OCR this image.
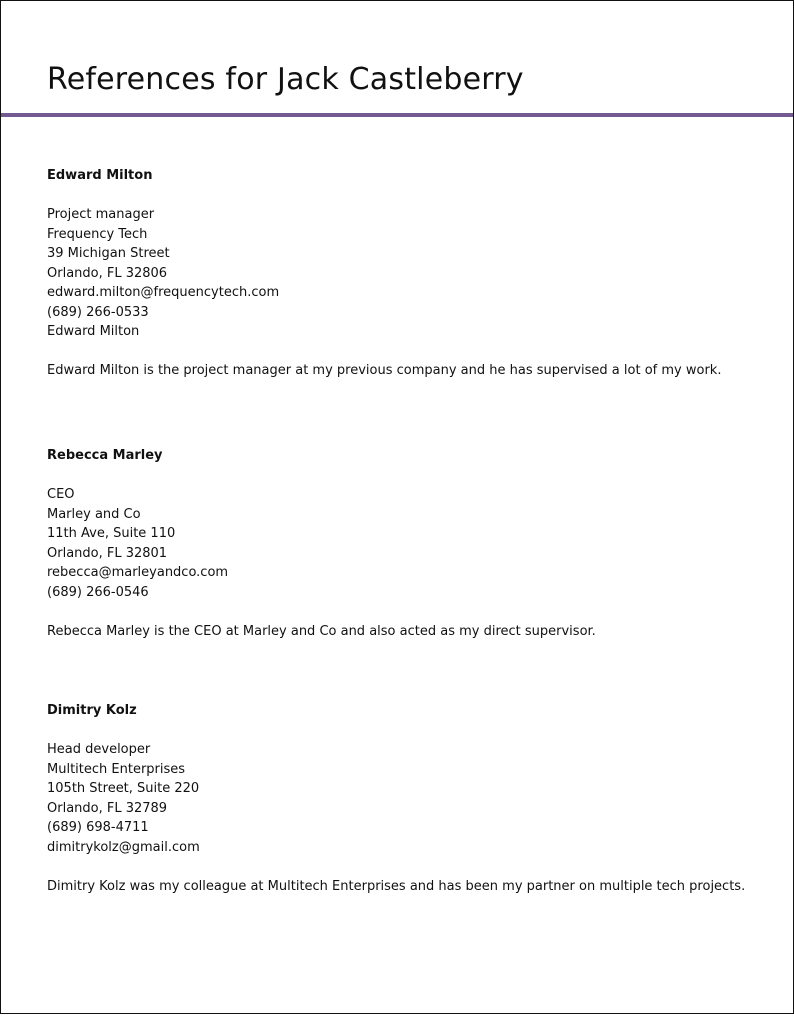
References for Jack Castleberry
Edward Milton
Project manager
Frequency Tech
39 Michigan Street
Orlando, FL 32806
edward.milton@frequencytech.com
(689) 266-0533
Edward Milton
Edward Milton is the project manager at my previous company and he has supervised a lot of my work.
Rebecca Marley
CEO
Marley and Co
11th Ave, Suite 110
Orlando, FL 32801
rebecca@marleyandco.com
(689) 266-0546
Rebecca Marley is the CEO at Marley and Co and also acted as my direct supervisor.
Dimitry Kolz
Head developer
Multitech Enterprises
105th Street, Suite 220
Orlando, FL 32789
(689) 698-4711
dimitrykolz@gmail.com
Dimitry Kolz was my colleague at Multitech Enterprises and has been my partner on multiple tech projects.
